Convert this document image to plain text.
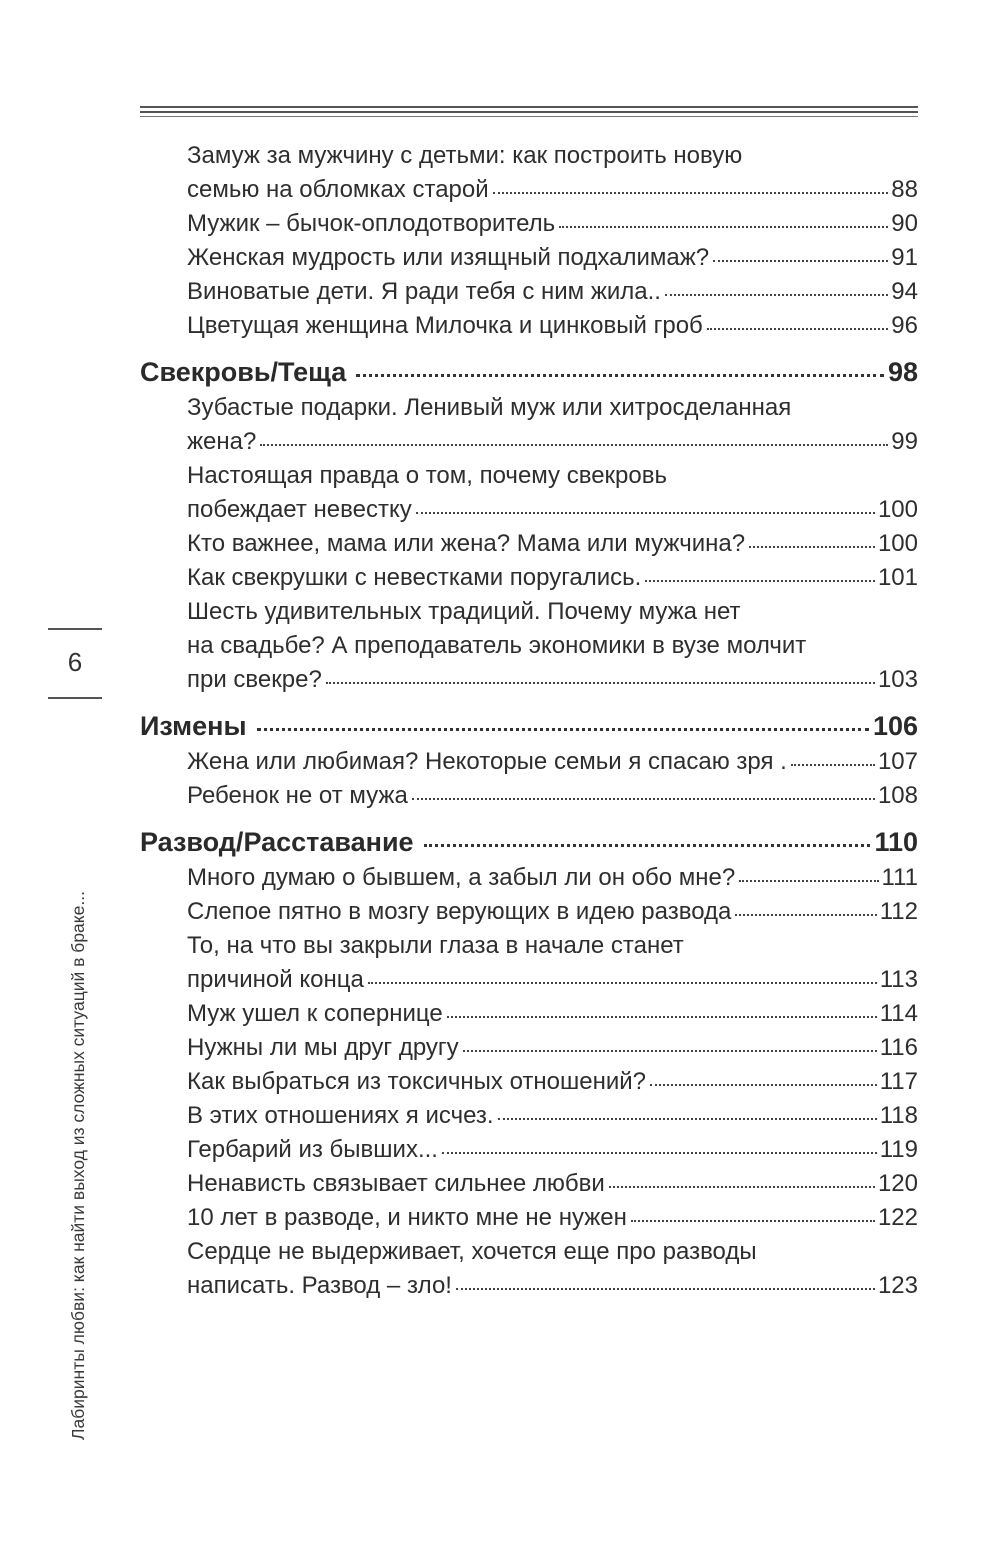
Замуж за мужчину с детьми: как построить новую
семью на обломках старой	88
Мужик – бычок-оплодотворитель	90
Женская мудрость или изящный подхалимаж?	91
Виноватые дети. Я ради тебя с ним жила..	94
Цветущая женщина Милочка и цинковый гроб	96
Свекровь/Теща	98
Зубастые подарки. Ленивый муж или хитросделанная
жена?	99
Настоящая правда о том, почему свекровь
побеждает невестку	100
Кто важнее, мама или жена? Мама или мужчина?	100
Как свекрушки с невестками поругались.	101
Шесть удивительных традиций. Почему мужа нет
на свадьбе? А преподаватель экономики в вузе молчит
при свекре?	103
Измены	106
Жена или любимая? Некоторые семьи я спасаю зря .	107
Ребенок не от мужа	108
Развод/Расставание	110
Много думаю о бывшем, а забыл ли он обо мне?	111
Слепое пятно в мозгу верующих в идею развода	112
То, на что вы закрыли глаза в начале станет
причиной конца	113
Муж ушел к сопернице	114
Нужны ли мы друг другу	116
Как выбраться из токсичных отношений?	117
В этих отношениях я исчез.	118
Гербарий из бывших...	119
Ненависть связывает сильнее любви	120
10 лет в разводе, и никто мне не нужен	122
Сердце не выдерживает, хочется еще про разводы
написать. Развод – зло!	123
6
Лабиринты любви: как найти выход из сложных ситуаций в браке...
